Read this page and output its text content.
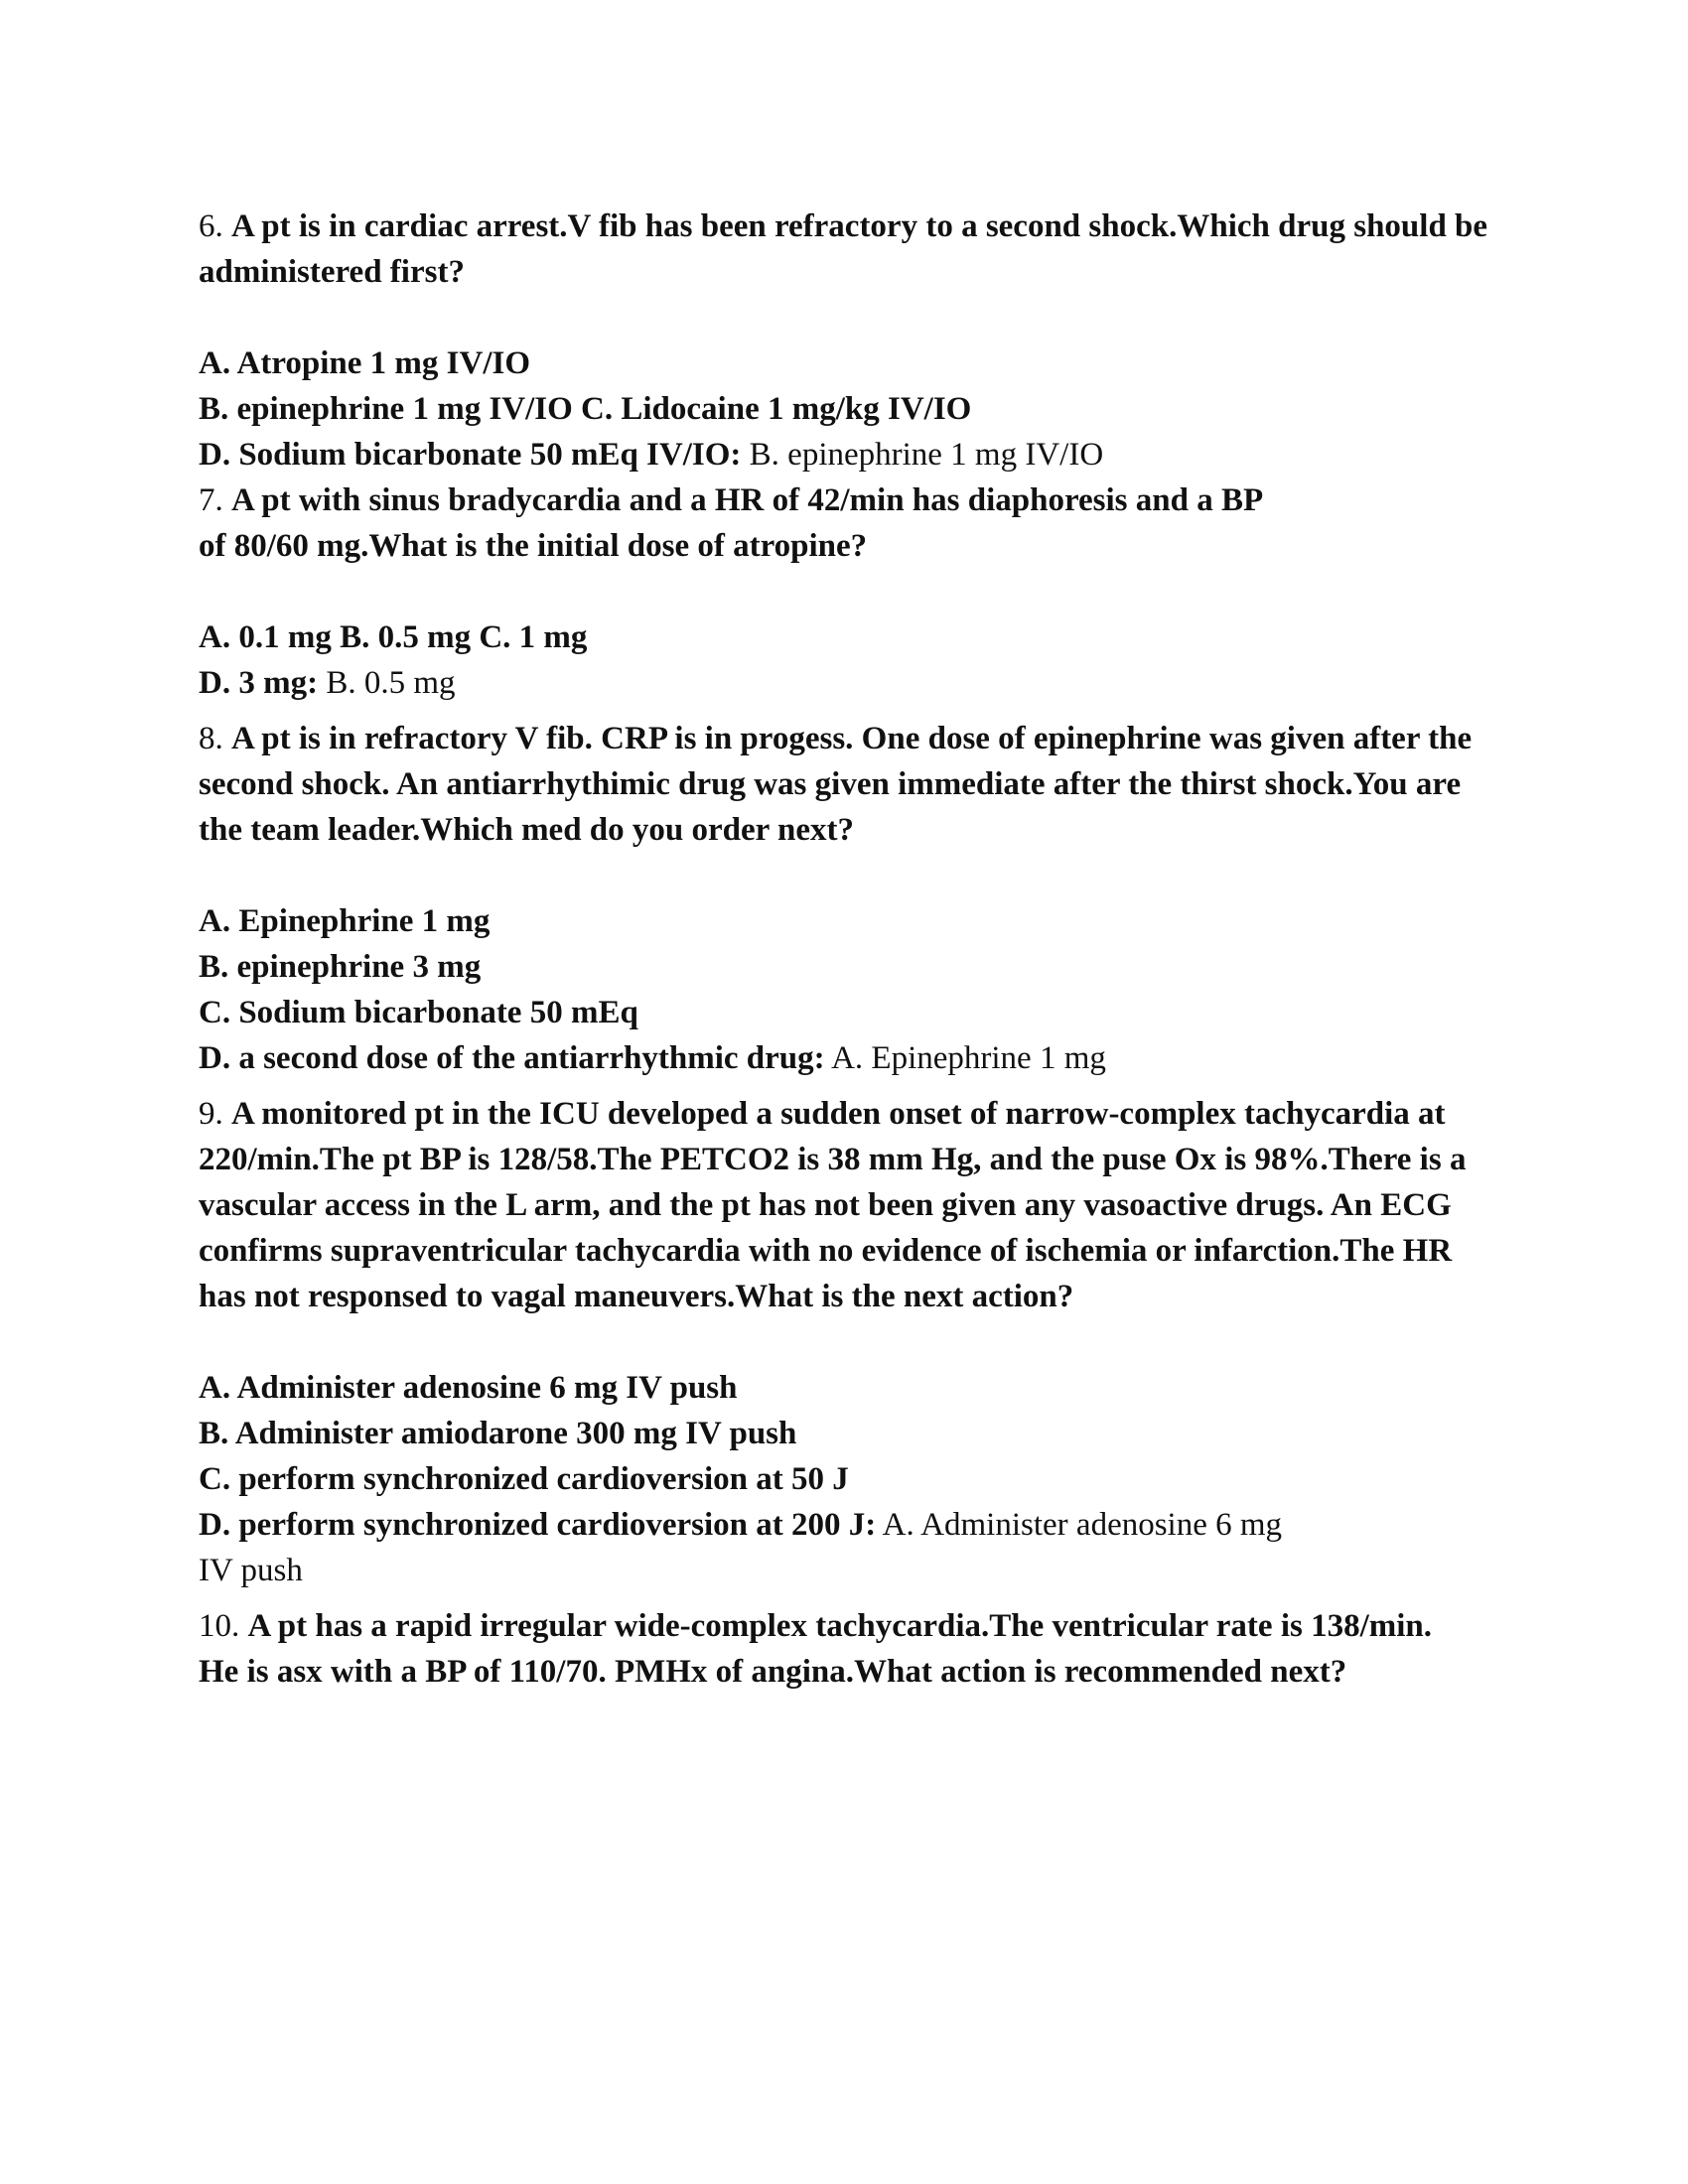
6. A pt is in cardiac arrest.V fib has been refractory to a second shock.Which drug should be
administered first?
A. Atropine 1 mg IV/IO
B. epinephrine 1 mg IV/IO C. Lidocaine 1 mg/kg IV/IO
D. Sodium bicarbonate 50 mEq IV/IO: B. epinephrine 1 mg IV/IO
7. A pt with sinus bradycardia and a HR of 42/min has diaphoresis and a BP
of 80/60 mg.What is the initial dose of atropine?
A. 0.1 mg B. 0.5 mg C. 1 mg
D. 3 mg: B. 0.5 mg
8. A pt is in refractory V fib. CRP is in progess. One dose of epinephrine was given after the
second shock. An antiarrhythimic drug was given immediate after the thirst shock.You are
the team leader.Which med do you order next?
A. Epinephrine 1 mg
B. epinephrine 3 mg
C. Sodium bicarbonate 50 mEq
D. a second dose of the antiarrhythmic drug: A. Epinephrine 1 mg
9. A monitored pt in the ICU developed a sudden onset of narrow-complex tachycardia at
220/min.The pt BP is 128/58.The PETCO2 is 38 mm Hg, and the puse Ox is 98%.There is a
vascular access in the L arm, and the pt has not been given any vasoactive drugs. An ECG
confirms supraventricular tachycardia with no evidence of ischemia or infarction.The HR
has not responsed to vagal maneuvers.What is the next action?
A. Administer adenosine 6 mg IV push
B. Administer amiodarone 300 mg IV push
C. perform synchronized cardioversion at 50 J
D. perform synchronized cardioversion at 200 J: A. Administer adenosine 6 mg
IV push
10. A pt has a rapid irregular wide-complex tachycardia.The ventricular rate is 138/min.
He is asx with a BP of 110/70. PMHx of angina.What action is recommended next?
